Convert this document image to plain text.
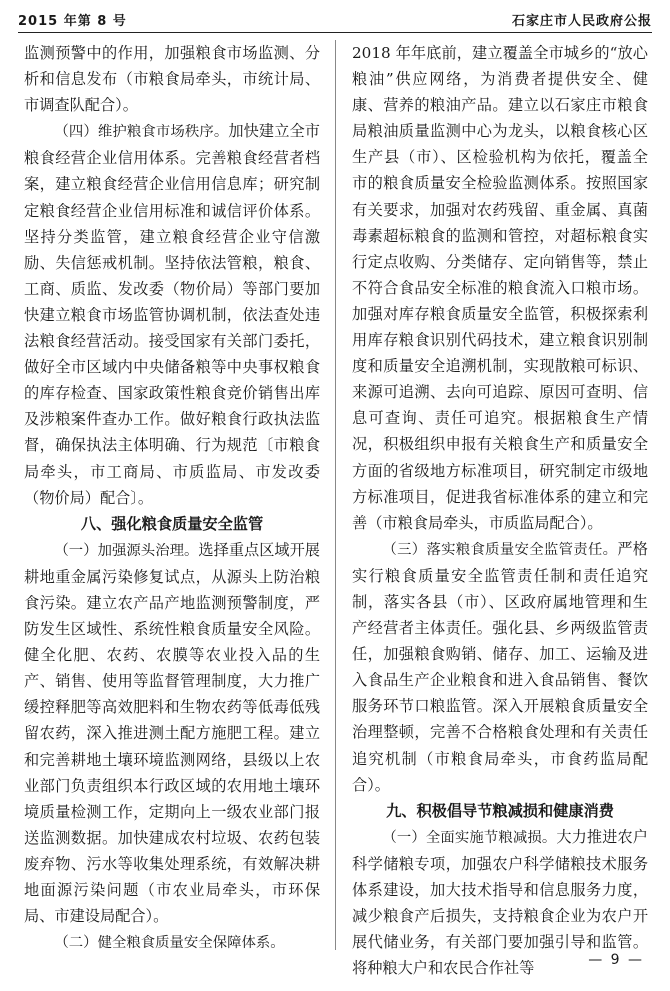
2015 年第 8 号	石家庄市人民政府公报

监测预警中的作用，加强粮食市场监测、分析和信息发布（市粮食局牵头，市统计局、市调查队配合）。

（四）维护粮食市场秩序。加快建立全市粮食经营企业信用体系。完善粮食经营者档案，建立粮食经营企业信用信息库；研究制定粮食经营企业信用标准和诚信评价体系。坚持分类监管，建立粮食经营企业守信激励、失信惩戒机制。坚持依法管粮，粮食、工商、质监、发改委（物价局）等部门要加快建立粮食市场监管协调机制，依法查处违法粮食经营活动。接受国家有关部门委托，做好全市区域内中央储备粮等中央事权粮食的库存检查、国家政策性粮食竞价销售出库及涉粮案件查办工作。做好粮食行政执法监督，确保执法主体明确、行为规范〔市粮食局牵头，市工商局、市质监局、市发改委（物价局）配合〕。

八、强化粮食质量安全监管

（一）加强源头治理。选择重点区域开展耕地重金属污染修复试点，从源头上防治粮食污染。建立农产品产地监测预警制度，严防发生区域性、系统性粮食质量安全风险。健全化肥、农药、农膜等农业投入品的生产、销售、使用等监督管理制度，大力推广缓控释肥等高效肥料和生物农药等低毒低残留农药，深入推进测土配方施肥工程。建立和完善耕地土壤环境监测网络，县级以上农业部门负责组织本行政区域的农用地土壤环境质量检测工作，定期向上一级农业部门报送监测数据。加快建成农村垃圾、农药包装废弃物、污水等收集处理系统，有效解决耕地面源污染问题（市农业局牵头，市环保局、市建设局配合）。

（二）健全粮食质量安全保障体系。

2018 年年底前，建立覆盖全市城乡的“放心粮油”供应网络，为消费者提供安全、健康、营养的粮油产品。建立以石家庄市粮食局粮油质量监测中心为龙头，以粮食核心区生产县（市）、区检验机构为依托，覆盖全市的粮食质量安全检验监测体系。按照国家有关要求，加强对农药残留、重金属、真菌毒素超标粮食的监测和管控，对超标粮食实行定点收购、分类储存、定向销售等，禁止不符合食品安全标准的粮食流入口粮市场。加强对库存粮食质量安全监管，积极探索利用库存粮食识别代码技术，建立粮食识别制度和质量安全追溯机制，实现散粮可标识、来源可追溯、去向可追踪、原因可查明、信息可查询、责任可追究。根据粮食生产情况，积极组织申报有关粮食生产和质量安全方面的省级地方标准项目，研究制定市级地方标准项目，促进我省标准体系的建立和完善（市粮食局牵头，市质监局配合）。

（三）落实粮食质量安全监管责任。严格实行粮食质量安全监管责任制和责任追究制，落实各县（市）、区政府属地管理和生产经营者主体责任。强化县、乡两级监管责任，加强粮食购销、储存、加工、运输及进入食品生产企业粮食和进入食品销售、餐饮服务环节口粮监管。深入开展粮食质量安全治理整顿，完善不合格粮食处理和有关责任追究机制（市粮食局牵头，市食药监局配合）。

九、积极倡导节粮减损和健康消费

（一）全面实施节粮减损。大力推进农户科学储粮专项，加强农户科学储粮技术服务体系建设，加大技术指导和信息服务力度，减少粮食产后损失，支持粮食企业为农户开展代储业务，有关部门要加强引导和监管。将种粮大户和农民合作社等	— 9 —
